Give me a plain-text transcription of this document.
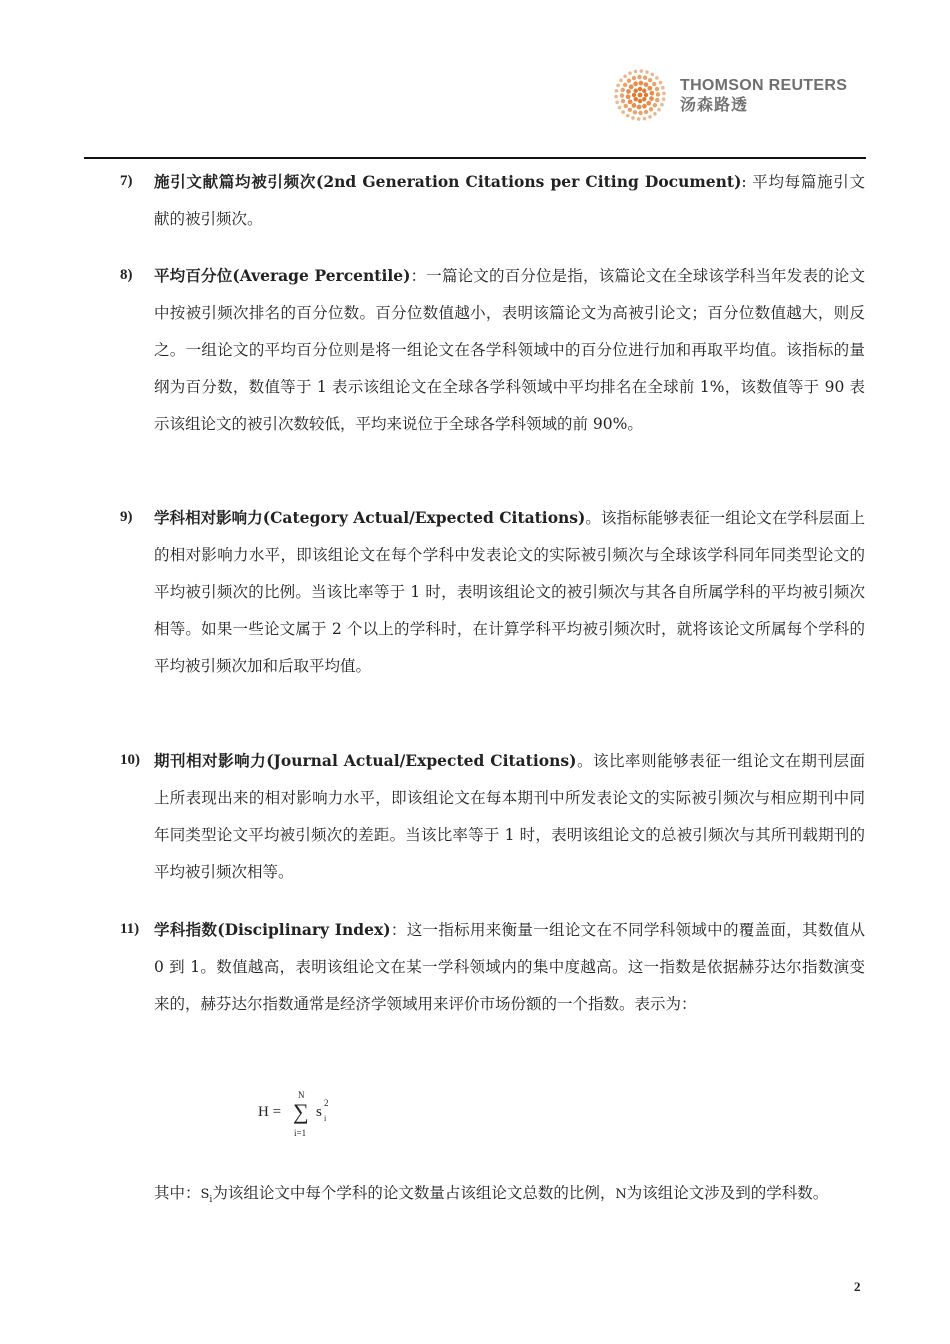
THOMSON REUTERS
汤森路透
7) 施引文献篇均被引频次(2nd Generation Citations per Citing Document): 平均每篇施引文献的被引频次。
8) 平均百分位(Average Percentile)：一篇论文的百分位是指，该篇论文在全球该学科当年发表的论文中按被引频次排名的百分位数。百分位数值越小，表明该篇论文为高被引论文；百分位数值越大，则反之。一组论文的平均百分位则是将一组论文在各学科领域中的百分位进行加和再取平均值。该指标的量纲为百分数，数值等于 1 表示该组论文在全球各学科领域中平均排名在全球前 1%，该数值等于 90 表示该组论文的被引次数较低，平均来说位于全球各学科领域的前 90%。
9) 学科相对影响力(Category Actual/Expected Citations)。该指标能够表征一组论文在学科层面上的相对影响力水平，即该组论文在每个学科中发表论文的实际被引频次与全球该学科同年同类型论文的平均被引频次的比例。当该比率等于 1 时，表明该组论文的被引频次与其各自所属学科的平均被引频次相等。如果一些论文属于 2 个以上的学科时，在计算学科平均被引频次时，就将该论文所属每个学科的平均被引频次加和后取平均值。
10) 期刊相对影响力(Journal Actual/Expected Citations)。该比率则能够表征一组论文在期刊层面上所表现出来的相对影响力水平，即该组论文在每本期刊中所发表论文的实际被引频次与相应期刊中同年同类型论文平均被引频次的差距。当该比率等于 1 时，表明该组论文的总被引频次与其所刊载期刊的平均被引频次相等。
11) 学科指数(Disciplinary Index)：这一指标用来衡量一组论文在不同学科领域中的覆盖面，其数值从 0 到 1。数值越高，表明该组论文在某一学科领域内的集中度越高。这一指数是依据赫芬达尔指数演变来的，赫芬达尔指数通常是经济学领域用来评价市场份额的一个指数。表示为：
H =
N
∑
i=1
s
2
i
其中：$S_i$为该组论文中每个学科的论文数量占该组论文总数的比例，N为该组论文涉及到的学科数。
2
